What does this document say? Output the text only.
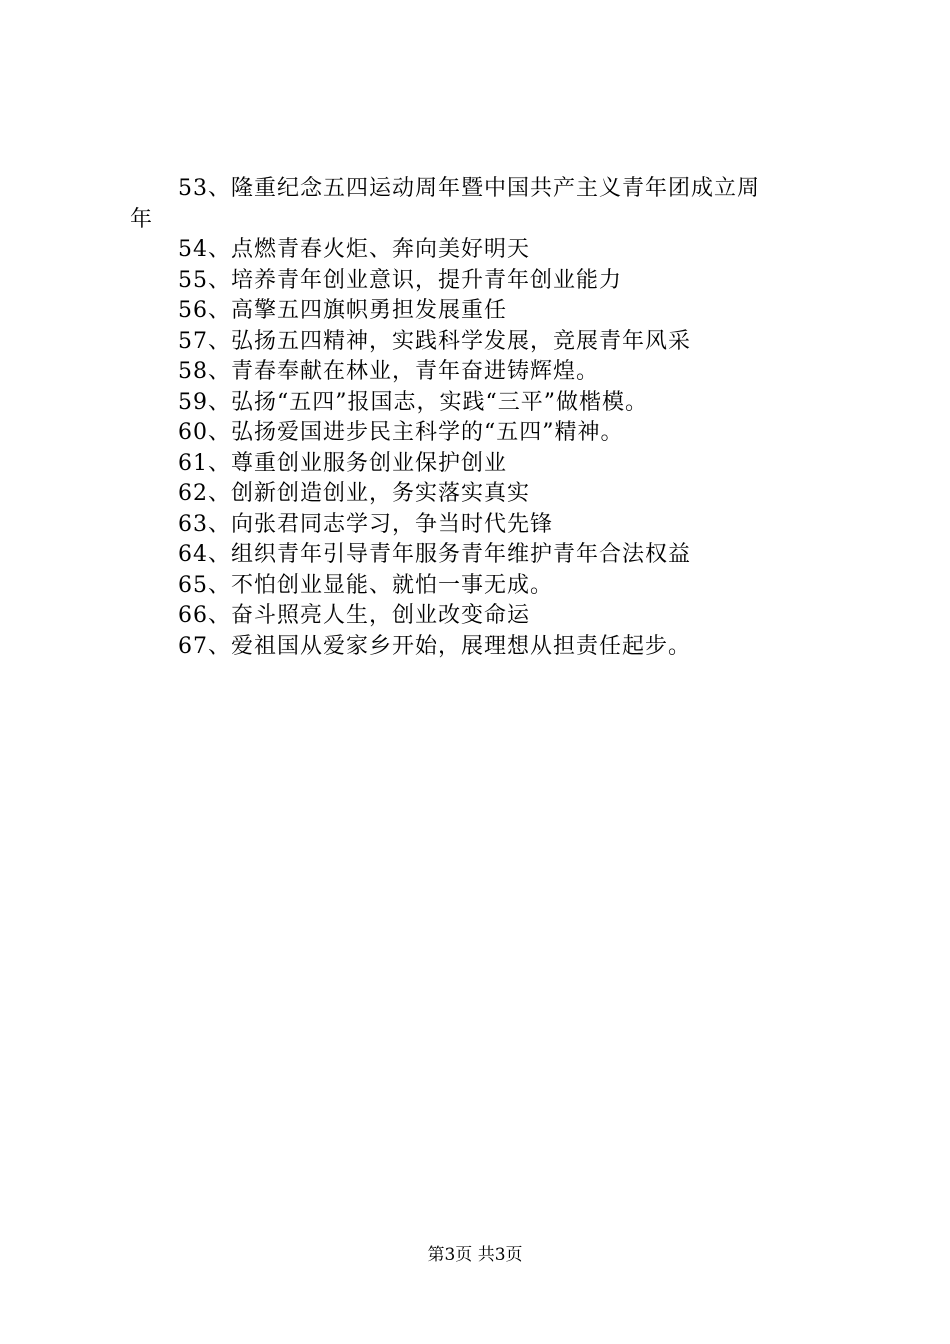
53、隆重纪念五四运动周年暨中国共产主义青年团成立周
年
54、点燃青春火炬、奔向美好明天
55、培养青年创业意识，提升青年创业能力
56、高擎五四旗帜勇担发展重任
57、弘扬五四精神，实践科学发展，竞展青年风采
58、青春奉献在林业，青年奋进铸辉煌。
59、弘扬“五四”报国志，实践“三平”做楷模。
60、弘扬爱国进步民主科学的“五四”精神。
61、尊重创业服务创业保护创业
62、创新创造创业，务实落实真实
63、向张君同志学习，争当时代先锋
64、组织青年引导青年服务青年维护青年合法权益
65、不怕创业显能、就怕一事无成。
66、奋斗照亮人生，创业改变命运
67、爱祖国从爱家乡开始，展理想从担责任起步。
第3页 共3页
